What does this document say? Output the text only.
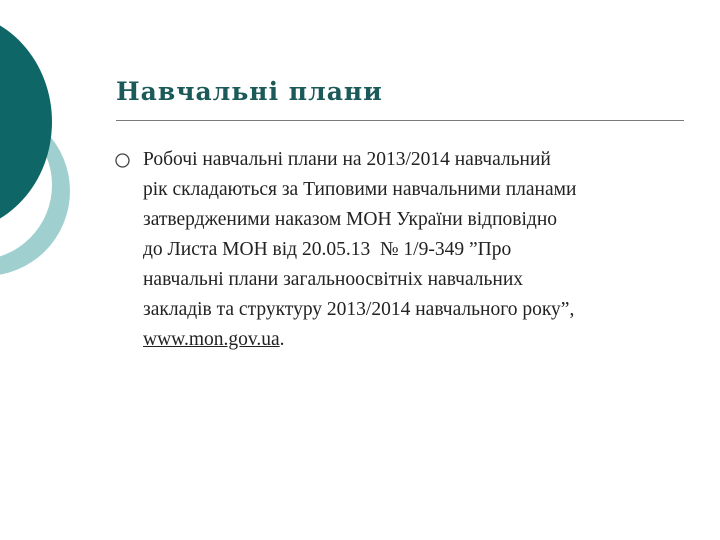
Навчальні плани

Робочі навчальні плани на 2013/2014 навчальний
рік складаються за Типовими навчальними планами
затвердженими наказом МОН України відповідно
до Листа МОН від 20.05.13  № 1/9-349 ”Про
навчальні плани загальноосвітніх навчальних
закладів та структуру 2013/2014 навчального року”,
www.mon.gov.ua.
